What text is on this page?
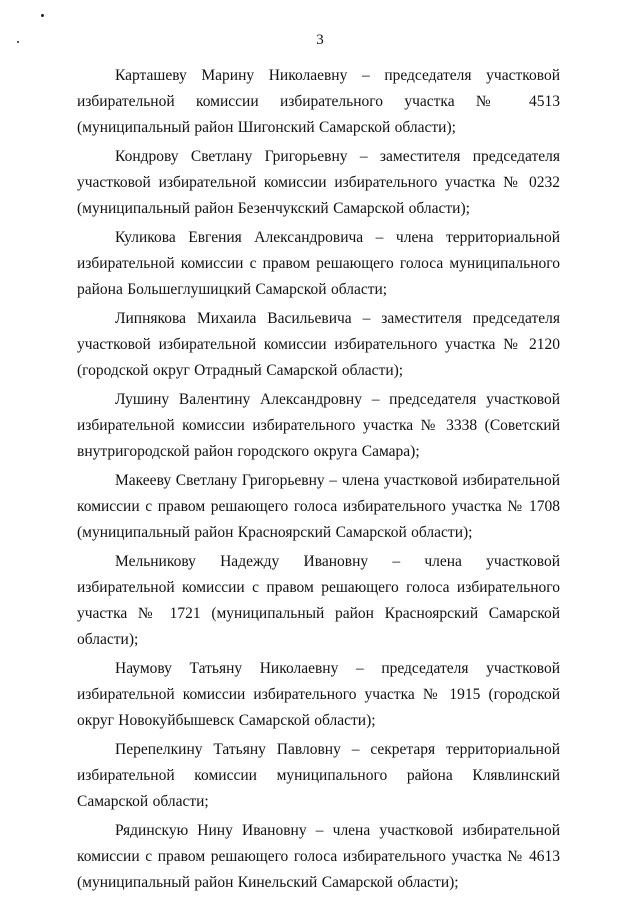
3

Карташеву Марину Николаевну – председателя участковой избирательной комиссии избирательного участка № 4513 (муниципальный район Шигонский Самарской области);

Кондрову Светлану Григорьевну – заместителя председателя участковой избирательной комиссии избирательного участка № 0232 (муниципальный район Безенчукский Самарской области);

Куликова Евгения Александровича – члена территориальной избирательной комиссии с правом решающего голоса муниципального района Большеглушицкий Самарской области;

Липнякова Михаила Васильевича – заместителя председателя участковой избирательной комиссии избирательного участка № 2120 (городской округ Отрадный Самарской области);

Лушину Валентину Александровну – председателя участковой избирательной комиссии избирательного участка № 3338 (Советский внутригородской район городского округа Самара);

Макееву Светлану Григорьевну – члена участковой избирательной комиссии с правом решающего голоса избирательного участка № 1708 (муниципальный район Красноярский Самарской области);

Мельникову Надежду Ивановну – члена участковой избирательной комиссии с правом решающего голоса избирательного участка № 1721 (муниципальный район Красноярский Самарской области);

Наумову Татьяну Николаевну – председателя участковой избирательной комиссии избирательного участка № 1915 (городской округ Новокуйбышевск Самарской области);

Перепелкину Татьяну Павловну – секретаря территориальной избирательной комиссии муниципального района Клявлинский Самарской области;

Рядинскую Нину Ивановну – члена участковой избирательной комиссии с правом решающего голоса избирательного участка № 4613 (муниципальный район Кинельский Самарской области);
